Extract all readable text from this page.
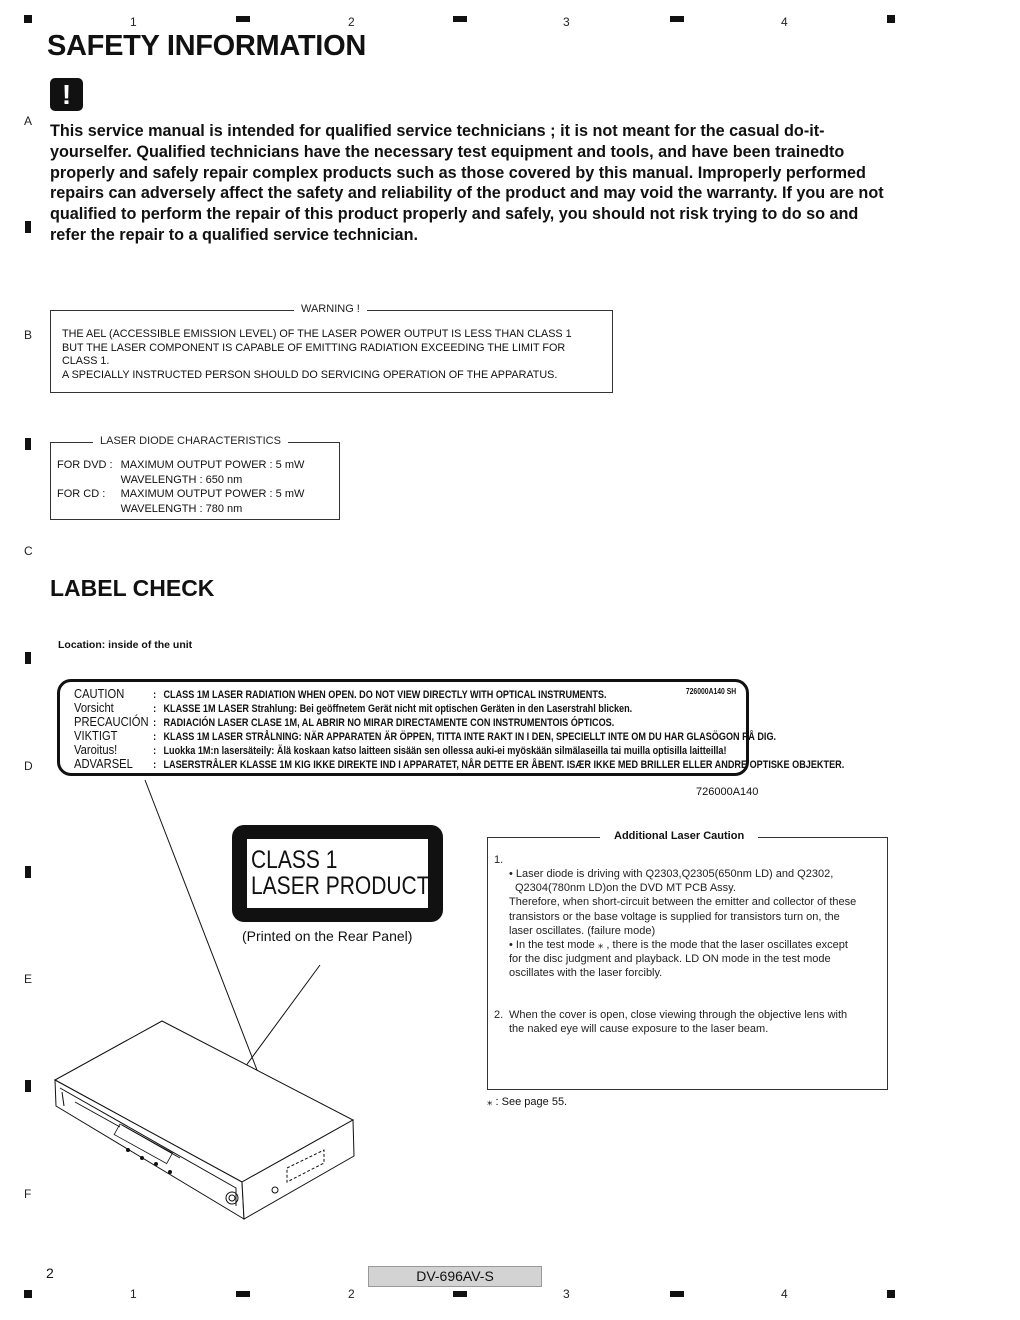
1	2	3	4
1	2	3	4
A
B
C
D
E
F
SAFETY INFORMATION
!

This service manual is intended for qualified service technicians ; it is not meant for the casual do-it-yourselfer. Qualified technicians have the necessary test equipment and tools, and have been trainedto properly and safely repair complex products such as those covered by this manual. Improperly performed repairs can adversely affect the safety and reliability of the product and may void the warranty. If you are not qualified to perform the repair of this product properly and safely, you should not risk trying to do so and refer the repair to a qualified service technician.

WARNING !
THE AEL (ACCESSIBLE EMISSION LEVEL) OF THE LASER POWER OUTPUT IS LESS THAN CLASS 1
BUT THE LASER COMPONENT IS CAPABLE OF EMITTING RADIATION EXCEEDING THE LIMIT FOR
CLASS 1.
A SPECIALLY INSTRUCTED PERSON SHOULD DO SERVICING OPERATION OF THE APPARATUS.
LASER DIODE CHARACTERISTICS
FOR DVD :	MAXIMUM OUTPUT POWER : 5 mW
	WAVELENGTH : 650 nm
FOR CD :	MAXIMUM OUTPUT POWER : 5 mW
	WAVELENGTH : 780 nm
LABEL CHECK
Location: inside of the unit
726000A140 SH
CAUTION	: CLASS 1M LASER RADIATION WHEN OPEN. DO NOT VIEW DIRECTLY WITH OPTICAL INSTRUMENTS.
Vorsicht	: KLASSE 1M LASER Strahlung: Bei geöffnetem Gerät nicht mit optischen Geräten in den Laserstrahl blicken.
PRECAUCIÓN : RADIACIÓN LASER CLASE 1M, AL ABRIR NO MIRAR DIRECTAMENTE CON INSTRUMENTOIS ÓPTICOS.
VIKTIGT	: KLASS 1M LASER STRÅLNING: NÄR APPARATEN ÄR ÖPPEN, TITTA INTE RAKT IN I DEN, SPECIELLT INTE OM DU HAR GLASÖGON PÅ DIG.
Varoitus!	: Luokka 1M:n lasersäteily: Älä koskaan katso laitteen sisään sen ollessa auki-ei myöskään silmälaseilla tai muilla optisilla laitteilla!
ADVARSEL : LASERSTRÅLER KLASSE 1M KIG IKKE DIREKTE IND I APPARATET, NÅR DETTE ER ÅBENT. ISÆR IKKE MED BRILLER ELLER ANDRE OPTISKE OBJEKTER.
726000A140
CLASS 1
LASER PRODUCT
(Printed on the Rear Panel)
Additional Laser Caution
1.
• Laser diode is driving with Q2303,Q2305(650nm LD) and Q2302,
Q2304(780nm LD)on the DVD MT PCB Assy.
Therefore, when short-circuit between the emitter and collector of these
transistors or the base voltage is supplied for transistors turn on, the
laser oscillates. (failure mode)
• In the test mode ⁎ , there is the mode that the laser oscillates except
for the disc judgment and playback. LD ON mode in the test mode
oscillates with the laser forcibly.
2. When the cover is open, close viewing through the objective lens with
the naked eye will cause exposure to the laser beam.
⁎ : See page 55.
2	DV-696AV-S
